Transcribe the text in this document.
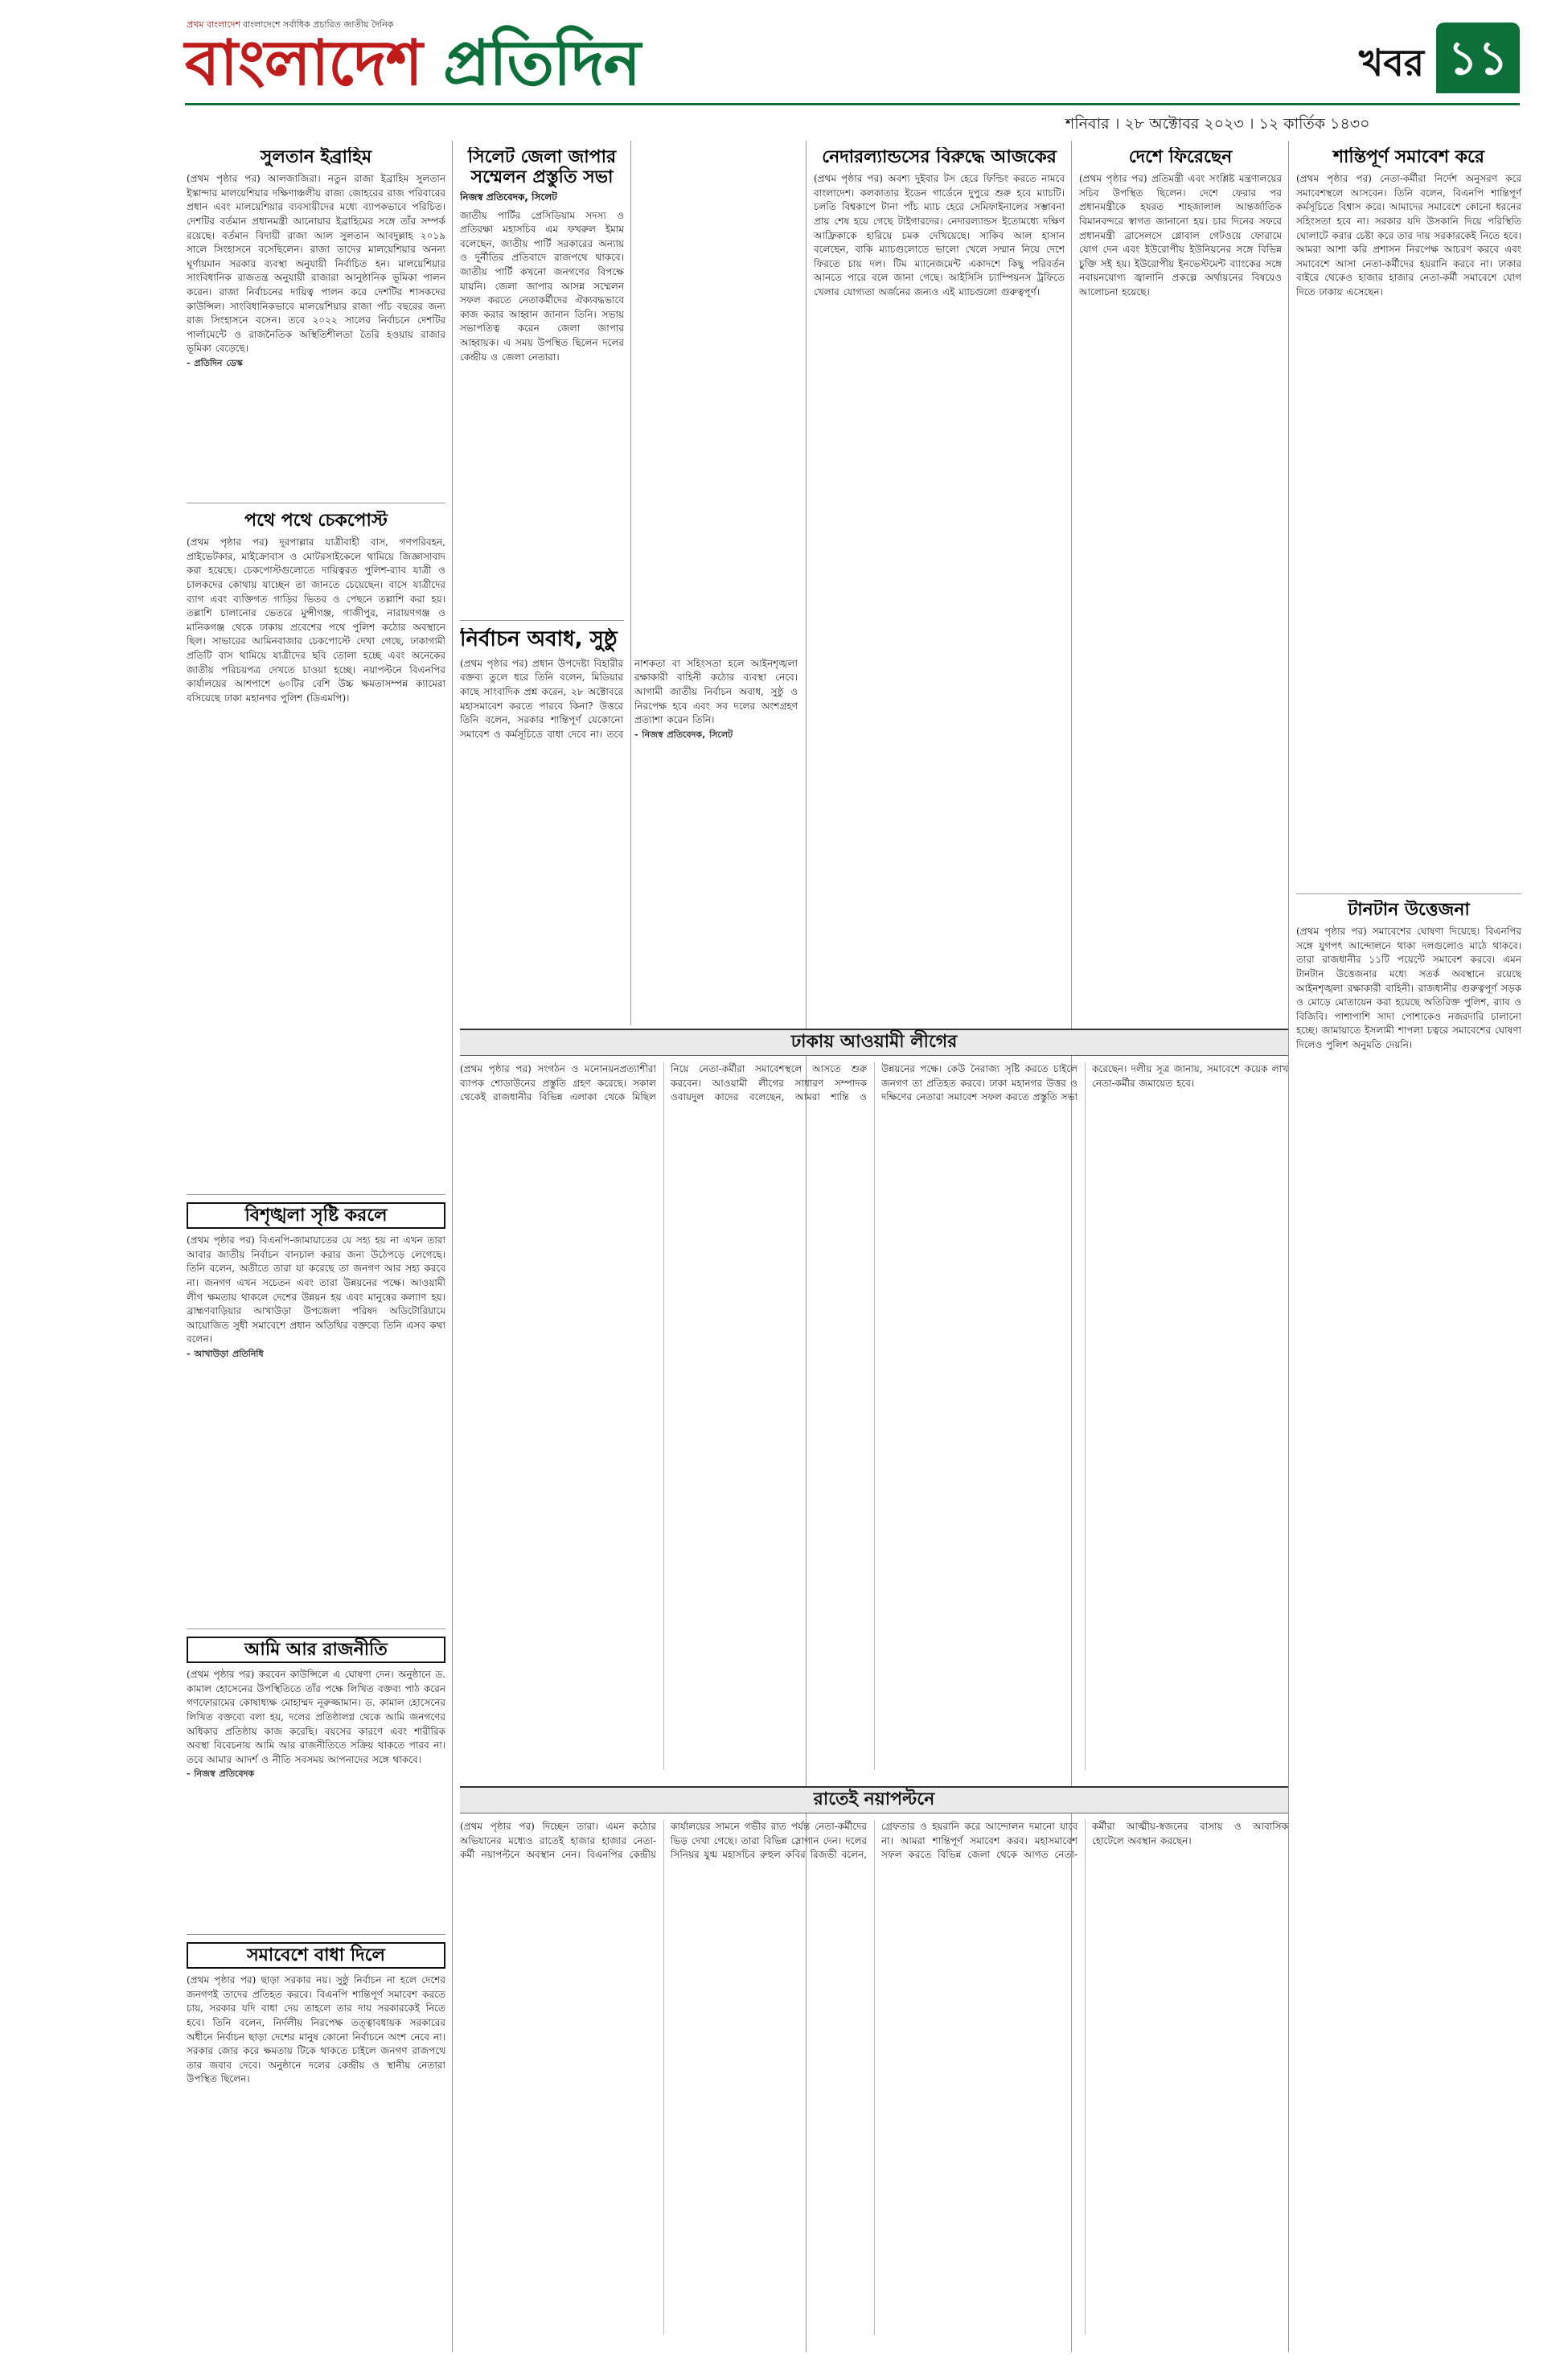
প্রথম বাংলাদেশ বাংলাদেশে সর্বাধিক প্রচারিত জাতীয় দৈনিক
বাংলাদেশ প্রতিদিন	খবর ১১
শনিবার । ২৮ অক্টোবর ২০২৩ । ১২ কার্তিক ১৪৩০
সুলতান ইব্রাহিম

(প্রথম পৃষ্ঠার পর) আলজাজিরা। নতুন রাজা ইব্রাহিম সুলতান ইস্কান্দার মালয়েশিয়ার দক্ষিণাঞ্চলীয় রাজ্য জোহরের রাজ পরিবারের প্রধান এবং মালয়েশিয়ার ব্যবসায়ীদের মধ্যে ব্যাপকভাবে পরিচিত। দেশটির বর্তমান প্রধানমন্ত্রী আনোয়ার ইব্রাহিমের সঙ্গে তাঁর সম্পর্ক রয়েছে। বর্তমান বিদায়ী রাজা আল সুলতান আবদুল্লাহ ২০১৯ সালে সিংহাসনে বসেছিলেন। রাজা তাদের মালয়েশিয়ার অনন্য ঘূর্ণায়মান সরকার ব্যবস্থা অনুযায়ী নির্বাচিত হন। মালয়েশিয়ার সাংবিধানিক রাজতন্ত্র অনুযায়ী রাজারা আনুষ্ঠানিক ভূমিকা পালন করেন। রাজা নির্বাচনের দায়িত্ব পালন করে দেশটির শাসকদের কাউন্সিল। সাংবিধানিকভাবে মালয়েশিয়ার রাজা পাঁচ বছরের জন্য রাজ সিংহাসনে বসেন। তবে ২০২২ সালের নির্বাচনে দেশটির পার্লামেন্টে ও রাজনৈতিক অস্থিতিশীলতা তৈরি হওয়ায় রাজার ভূমিকা বেড়েছে।

- প্রতিদিন ডেস্ক

পথে পথে চেকপোস্ট

(প্রথম পৃষ্ঠার পর) দূরপাল্লার যাত্রীবাহী বাস, গণপরিবহন, প্রাইভেটকার, মাইক্রোবাস ও মোটরসাইকেলে থামিয়ে জিজ্ঞাসাবাদ করা হয়েছে। চেকপোস্টগুলোতে দায়িত্বরত পুলিশ-র‌্যাব যাত্রী ও চালকদের কোথায় যাচ্ছেন তা জানতে চেয়েছেন। বাসে যাত্রীদের ব্যাগ এবং ব্যক্তিগত গাড়ির ভিতর ও পেছনে তল্লাশি করা হয়। তল্লাশি চালানোর ভেতরে মুন্সীগঞ্জ, গাজীপুর, নারায়ণগঞ্জ ও মানিকগঞ্জ থেকে ঢাকায় প্রবেশের পথে পুলিশ কঠোর অবস্থানে ছিল। সাভারের আমিনবাজার চেকপোস্টে দেখা গেছে, ঢাকাগামী প্রতিটি বাস থামিয়ে যাত্রীদের ছবি তোলা হচ্ছে এবং অনেকের জাতীয় পরিচয়পত্র দেখতে চাওয়া হচ্ছে। নয়াপল্টনে বিএনপির কার্যালয়ের আশপাশে ৬০টির বেশি উচ্চ ক্ষমতাসম্পন্ন ক্যামেরা বসিয়েছে ঢাকা মহানগর পুলিশ (ডিএমপি)।

বিশৃঙ্খলা সৃষ্টি করলে

(প্রথম পৃষ্ঠার পর) বিএনপি-জামায়াতের যে সহ্য হয় না এখন তারা আবার জাতীয় নির্বাচন বানচাল করার জন্য উঠেপড়ে লেগেছে। তিনি বলেন, অতীতে তারা যা করেছে তা জনগণ আর সহ্য করবে না। জনগণ এখন সচেতন এবং তারা উন্নয়নের পক্ষে। আওয়ামী লীগ ক্ষমতায় থাকলে দেশের উন্নয়ন হয় এবং মানুষের কল্যাণ হয়। ব্রাহ্মণবাড়িয়ার আখাউড়া উপজেলা পরিষদ অডিটোরিয়ামে আয়োজিত সুধী সমাবেশে প্রধান অতিথির বক্তব্যে তিনি এসব কথা বলেন।

- আখাউড়া প্রতিনিধি

আমি আর রাজনীতি

(প্রথম পৃষ্ঠার পর) করবেন কাউন্সিলে এ ঘোষণা দেন। অনুষ্ঠানে ড. কামাল হোসেনের উপস্থিতিতে তাঁর পক্ষে লিখিত বক্তব্য পাঠ করেন গণফোরামের কোষাধ্যক্ষ মোহাম্মদ নূরুজ্জামান। ড. কামাল হোসেনের লিখিত বক্তব্যে বলা হয়, দলের প্রতিষ্ঠালগ্ন থেকে আমি জনগণের অধিকার প্রতিষ্ঠায় কাজ করেছি। বয়সের কারণে এবং শারীরিক অবস্থা বিবেচনায় আমি আর রাজনীতিতে সক্রিয় থাকতে পারব না। তবে আমার আদর্শ ও নীতি সবসময় আপনাদের সঙ্গে থাকবে।

- নিজস্ব প্রতিবেদক

সমাবেশে বাধা দিলে

(প্রথম পৃষ্ঠার পর) ছাড়া সরকার নয়। সুষ্ঠু নির্বাচন না হলে দেশের জনগণই তাদের প্রতিহত করবে। বিএনপি শান্তিপূর্ণ সমাবেশ করতে চায়, সরকার যদি বাধা দেয় তাহলে তার দায় সরকারকেই নিতে হবে। তিনি বলেন, নির্দলীয় নিরপেক্ষ তত্ত্বাবধায়ক সরকারের অধীনে নির্বাচন ছাড়া দেশের মানুষ কোনো নির্বাচনে অংশ নেবে না। সরকার জোর করে ক্ষমতায় টিকে থাকতে চাইলে জনগণ রাজপথে তার জবাব দেবে। অনুষ্ঠানে দলের কেন্দ্রীয় ও স্থানীয় নেতারা উপস্থিত ছিলেন।

সিলেট জেলা জাপার সম্মেলন প্রস্তুতি সভা
নিজস্ব প্রতিবেদক, সিলেট

জাতীয় পার্টির প্রেসিডিয়াম সদস্য ও প্রতিরক্ষা মহাসচিব এম ফখরুল ইমাম বলেছেন, জাতীয় পার্টি সরকারের অন্যায় ও দুর্নীতির প্রতিবাদে রাজপথে থাকবে। জাতীয় পার্টি কখনো জনগণের বিপক্ষে যায়নি। জেলা জাপার আসন্ন সম্মেলন সফল করতে নেতাকর্মীদের ঐক্যবদ্ধভাবে কাজ করার আহ্বান জানান তিনি। সভায় সভাপতিত্ব করেন জেলা জাপার আহ্বায়ক। এ সময় উপস্থিত ছিলেন দলের কেন্দ্রীয় ও জেলা নেতারা।

নির্বাচন অবাধ, সুষ্ঠু

(প্রথম পৃষ্ঠার পর) প্রধান উপদেষ্টা বিহারীর বক্তব্য তুলে ধরে তিনি বলেন, মিডিয়ার কাছে সাংবাদিক প্রশ্ন করেন, ২৮ অক্টোবরে মহাসমাবেশ করতে পারবে কিনা? উত্তরে তিনি বলেন, সরকার শান্তিপূর্ণ যেকোনো সমাবেশ ও কর্মসূচিতে বাধা দেবে না। তবে নাশকতা বা সহিংসতা হলে আইনশৃঙ্খলা রক্ষাকারী বাহিনী কঠোর ব্যবস্থা নেবে। আগামী জাতীয় নির্বাচন অবাধ, সুষ্ঠু ও নিরপেক্ষ হবে এবং সব দলের অংশগ্রহণ প্রত্যাশা করেন তিনি।

- নিজস্ব প্রতিবেদক, সিলেট

নেদারল্যান্ডসের বিরুদ্ধে আজকের

(প্রথম পৃষ্ঠার পর) অবশ্য দুইবার টস হেরে ফিল্ডিং করতে নামবে বাংলাদেশ। কলকাতার ইডেন গার্ডেনে দুপুরে শুরু হবে ম্যাচটি। চলতি বিশ্বকাপে টানা পাঁচ ম্যাচ হেরে সেমিফাইনালের সম্ভাবনা প্রায় শেষ হয়ে গেছে টাইগারদের। নেদারল্যান্ডস ইতোমধ্যে দক্ষিণ আফ্রিকাকে হারিয়ে চমক দেখিয়েছে। সাকিব আল হাসান বলেছেন, বাকি ম্যাচগুলোতে ভালো খেলে সম্মান নিয়ে দেশে ফিরতে চায় দল। টিম ম্যানেজমেন্ট একাদশে কিছু পরিবর্তন আনতে পারে বলে জানা গেছে। আইসিসি চ্যাম্পিয়নস ট্রফিতে খেলার যোগ্যতা অর্জনের জন্যও এই ম্যাচগুলো গুরুত্বপূর্ণ।

দেশে ফিরেছেন

(প্রথম পৃষ্ঠার পর) প্রতিমন্ত্রী এবং সংশ্লিষ্ট মন্ত্রণালয়ের সচিব উপস্থিত ছিলেন। দেশে ফেরার পর প্রধানমন্ত্রীকে হযরত শাহজালাল আন্তর্জাতিক বিমানবন্দরে স্বাগত জানানো হয়। চার দিনের সফরে প্রধানমন্ত্রী ব্রাসেলসে গ্লোবাল গেটওয়ে ফোরামে যোগ দেন এবং ইউরোপীয় ইউনিয়নের সঙ্গে বিভিন্ন চুক্তি সই হয়। ইউরোপীয় ইনভেস্টমেন্ট ব্যাংকের সঙ্গে নবায়নযোগ্য জ্বালানি প্রকল্পে অর্থায়নের বিষয়েও আলোচনা হয়েছে।

শান্তিপূর্ণ সমাবেশ করে

(প্রথম পৃষ্ঠার পর) নেতা-কর্মীরা নির্দেশ অনুসরণ করে সমাবেশস্থলে আসবেন। তিনি বলেন, বিএনপি শান্তিপূর্ণ কর্মসূচিতে বিশ্বাস করে। আমাদের সমাবেশে কোনো ধরনের সহিংসতা হবে না। সরকার যদি উসকানি দিয়ে পরিস্থিতি ঘোলাটে করার চেষ্টা করে তার দায় সরকারকেই নিতে হবে। আমরা আশা করি প্রশাসন নিরপেক্ষ আচরণ করবে এবং সমাবেশে আসা নেতা-কর্মীদের হয়রানি করবে না। ঢাকার বাইরে থেকেও হাজার হাজার নেতা-কর্মী সমাবেশে যোগ দিতে ঢাকায় এসেছেন।

টানটান উত্তেজনা

(প্রথম পৃষ্ঠার পর) সমাবেশের ঘোষণা দিয়েছে। বিএনপির সঙ্গে যুগপৎ আন্দোলনে থাকা দলগুলোও মাঠে থাকবে। তারা রাজধানীর ১১টি পয়েন্টে সমাবেশ করবে। এমন টানটান উত্তেজনার মধ্যে সতর্ক অবস্থানে রয়েছে আইনশৃঙ্খলা রক্ষাকারী বাহিনী। রাজধানীর গুরুত্বপূর্ণ সড়ক ও মোড়ে মোতায়েন করা হয়েছে অতিরিক্ত পুলিশ, র‌্যাব ও বিজিবি। পাশাপাশি সাদা পোশাকেও নজরদারি চালানো হচ্ছে। জামায়াতে ইসলামী শাপলা চত্বরে সমাবেশের ঘোষণা দিলেও পুলিশ অনুমতি দেয়নি।

ঢাকায় আওয়ামী লীগের

(প্রথম পৃষ্ঠার পর) সংগঠন ও মনোনয়নপ্রত্যাশীরা ব্যাপক শোডাউনের প্রস্তুতি গ্রহণ করেছে। সকাল থেকেই রাজধানীর বিভিন্ন এলাকা থেকে মিছিল নিয়ে নেতা-কর্মীরা সমাবেশস্থলে আসতে শুরু করবেন। আওয়ামী লীগের সাধারণ সম্পাদক ওবায়দুল কাদের বলেছেন, আমরা শান্তি ও উন্নয়নের পক্ষে। কেউ নৈরাজ্য সৃষ্টি করতে চাইলে জনগণ তা প্রতিহত করবে। ঢাকা মহানগর উত্তর ও দক্ষিণের নেতারা সমাবেশ সফল করতে প্রস্তুতি সভা করেছেন। দলীয় সূত্র জানায়, সমাবেশে কয়েক লাখ নেতা-কর্মীর জমায়েত হবে।

রাতেই নয়াপল্টনে

(প্রথম পৃষ্ঠার পর) দিচ্ছেন তারা। এমন কঠোর অভিযানের মধ্যেও রাতেই হাজার হাজার নেতা-কর্মী নয়াপল্টনে অবস্থান নেন। বিএনপির কেন্দ্রীয় কার্যালয়ের সামনে গভীর রাত পর্যন্ত নেতা-কর্মীদের ভিড় দেখা গেছে। তারা বিভিন্ন স্লোগান দেন। দলের সিনিয়র যুগ্ম মহাসচিব রুহুল কবির রিজভী বলেন, গ্রেফতার ও হয়রানি করে আন্দোলন দমানো যাবে না। আমরা শান্তিপূর্ণ সমাবেশ করব। মহাসমাবেশ সফল করতে বিভিন্ন জেলা থেকে আগত নেতা-কর্মীরা আত্মীয়-স্বজনের বাসায় ও আবাসিক হোটেলে অবস্থান করছেন।
